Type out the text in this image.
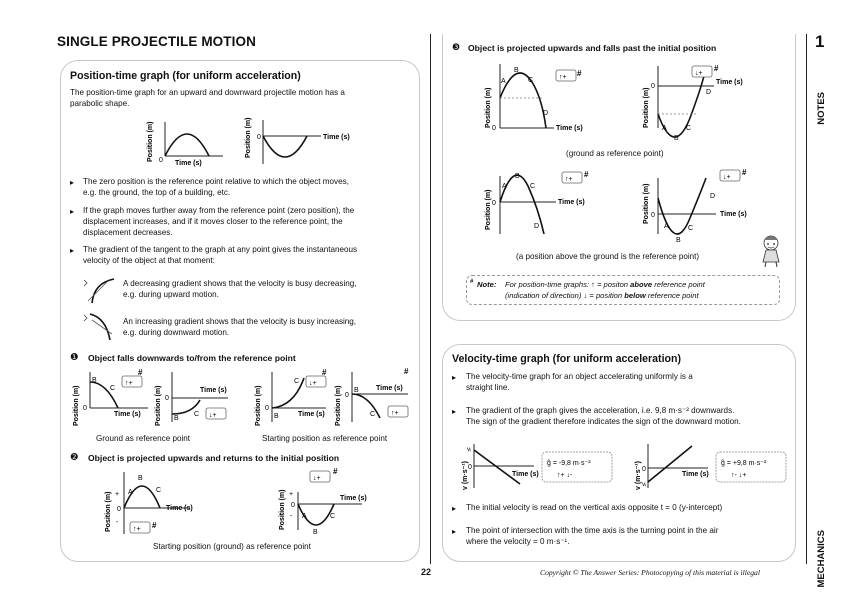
SINGLE PROJECTILE MOTION	1
NOTES
MECHANICS
Position-time graph (for uniform acceleration)
The position-time graph for an upward and downward projectile motion has a
parabolic shape.
Position (m) 0 Time (s)
Position (m) 0	Time (s)
▸ The zero position is the reference point relative to which the object moves,
e.g. the ground, the top of a building, etc.
▸ If the graph moves further away from the reference point (zero position), the
displacement increases, and if it moves closer to the reference point, the
displacement decreases.
▸ The gradient of the tangent to the graph at any point gives the instantaneous
velocity of the object at that moment:
A decreasing gradient shows that the velocity is busy decreasing,
e.g. during upward motion.
An increasing gradient shows that the velocity is busy increasing,
e.g. during downward motion.
❶ Object falls downwards to/from the reference point
Position (m)
B
C
0
Time (s)
↑+
#
Position (m) 0
B
C
Time (s)
↓+	Position (m) 0
C
B	Time (s)
↓+
#
Position (m) 0
B
C
Time (s)
↑+
#
Ground as reference point	Starting position as reference point
❷ Object is projected upwards and returns to the initial position
Position (m) +
-
0
A
B
C
Time (s)
↑+ #	Position (m) +
-
0
A
B
C
Time (s)
↓+
#
Starting position (ground) as reference point
❸ Object is projected upwards and falls past the initial position
Position (m)
A
B
C
D
0	Time (s)
↑+ #
Position (m)
0
A
B
C
D
Time (s)
↓+
#
Position (m) 0
A
B
C
D
Time (s)
↑+
#
Position (m) 0
A
B
C
D
Time (s)
↓+
#
(ground as reference point)
(a position above the ground is the reference point)
# Note: For position-time graphs: ↑ = positon above reference point
(indication of direction) ↓ = position below reference point
Velocity-time graph (for uniform acceleration)
▸ The velocity-time graph for an object accelerating uniformly is a
straight line.
▸ The gradient of the graph gives the acceleration, i.e. 9,8 m·s⁻² downwards.
The sign of the gradient therefore indicates the sign of the downward motion.
v (m·s⁻¹)
vᵢ
0
Time (s)
g̃ = -9,8 m·s⁻²
↑+ ↓-	v (m·s⁻¹) 0
vᵢ
Time (s)
g̃ = +9,8 m·s⁻²
↑- ↓+
▸ The initial velocity is read on the vertical axis opposite t = 0 (y-intercept)
▸ The point of intersection with the time axis is the turning point in the air
where the velocity = 0 m·s⁻¹.
22	Copyright © The Answer Series: Photocopying of this material is illegal
